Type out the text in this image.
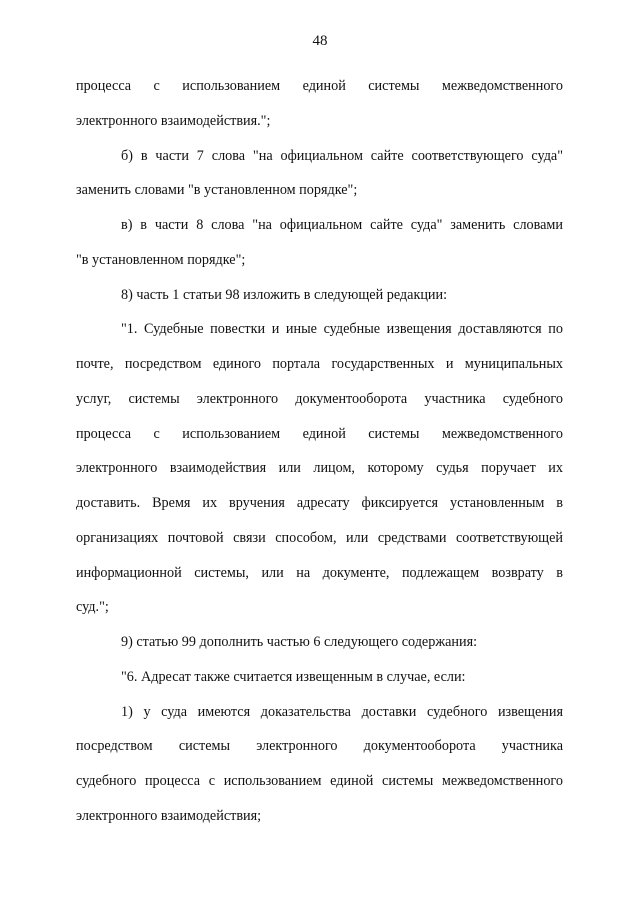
48
процесса с использованием единой системы межведомственного
электронного взаимодействия.";
б) в части 7 слова "на официальном сайте соответствующего суда"
заменить словами "в установленном порядке";
в) в части 8 слова "на официальном сайте суда" заменить словами
"в установленном порядке";
8) часть 1 статьи 98 изложить в следующей редакции:
"1. Судебные повестки и иные судебные извещения доставляются по
почте, посредством единого портала государственных и муниципальных
услуг, системы электронного документооборота участника судебного
процесса с использованием единой системы межведомственного
электронного взаимодействия или лицом, которому судья поручает их
доставить. Время их вручения адресату фиксируется установленным в
организациях почтовой связи способом, или средствами соответствующей
информационной системы, или на документе, подлежащем возврату в
суд.";
9) статью 99 дополнить частью 6 следующего содержания:
"6. Адресат также считается извещенным в случае, если:
1) у суда имеются доказательства доставки судебного извещения
посредством системы электронного документооборота участника
судебного процесса с использованием единой системы межведомственного
электронного взаимодействия;
